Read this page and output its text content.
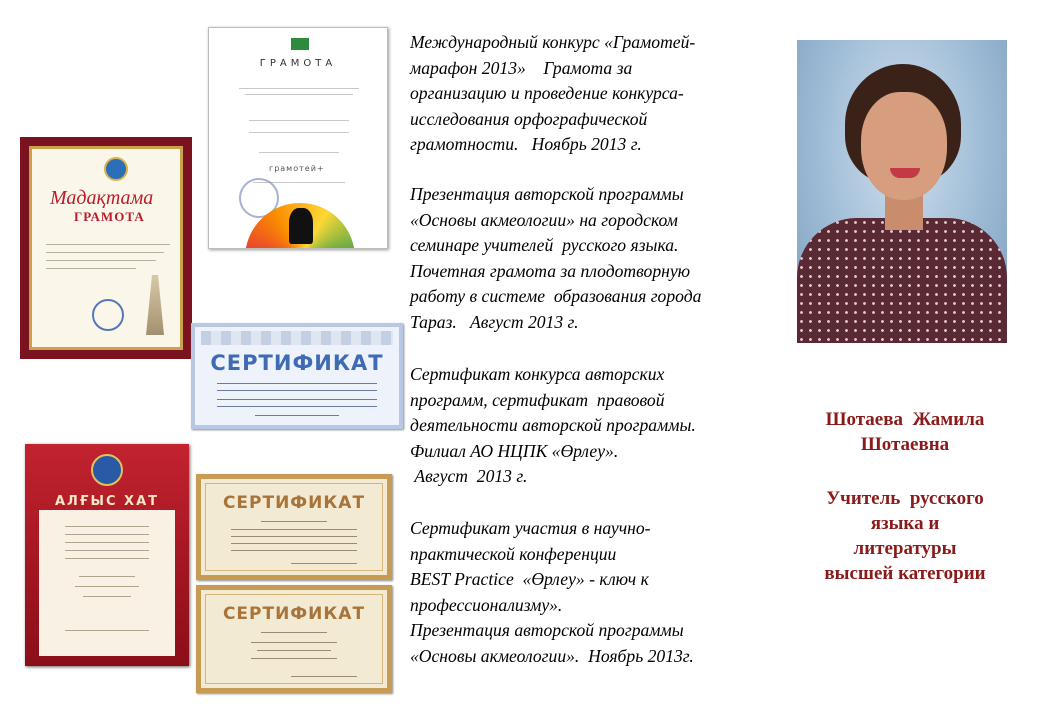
Мадақтама
ГРАМОТА
ГРАМОТА
грамотей+
СЕРТИФИКАТ
АЛҒЫС ХАТ	СЕРТИФИКАТ
СЕРТИФИКАТ

Международный конкурс «Грамотей-
марафон 2013»    Грамота за
организацию и проведение конкурса-
исследования орфографической
грамотности.   Ноябрь 2013 г.

Презентация авторской программы
«Основы акмеологии» на городском
семинаре учителей  русского языка.
Почетная грамота за плодотворную
работу в системе  образования города
Тараз.   Август 2013 г.

Сертификат конкурса авторских
программ, сертификат  правовой
деятельности авторской программы.
Филиал АО НЦПК «Өрлеу».
Август  2013 г.

Сертификат участия в научно-
практической конференции
BEST Practice  «Өрлеу» - ключ к
профессионализму».
Презентация авторской программы
«Основы акмеологии».  Ноябрь 2013г.

Шотаева  Жамила
Шотаевна

Учитель  русского
языка и
литературы
высшей категории
